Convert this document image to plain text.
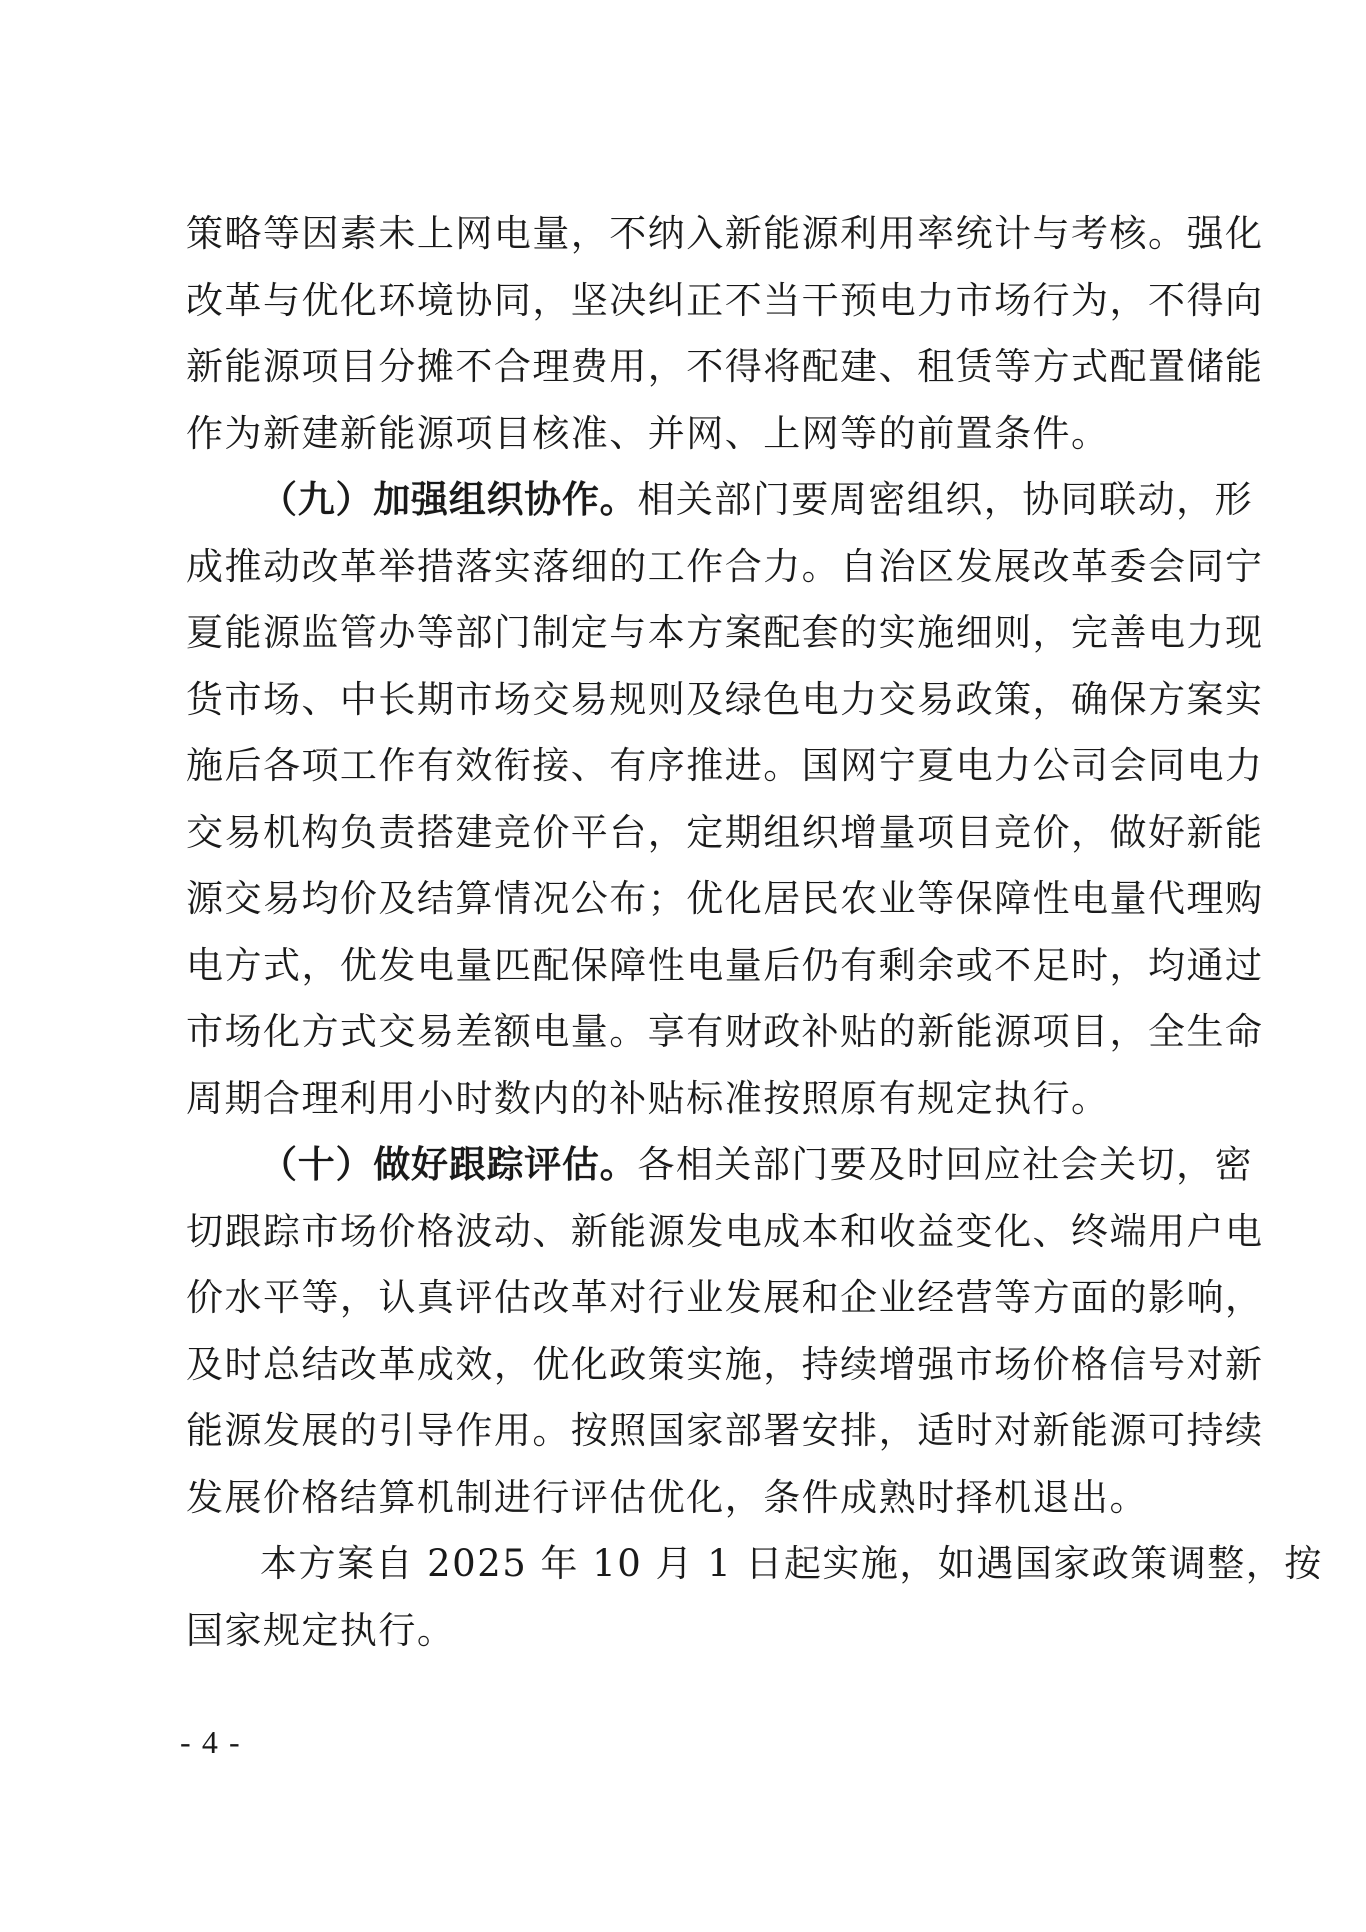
策略等因素未上网电量，不纳入新能源利用率统计与考核。强化
改革与优化环境协同，坚决纠正不当干预电力市场行为，不得向
新能源项目分摊不合理费用，不得将配建、租赁等方式配置储能
作为新建新能源项目核准、并网、上网等的前置条件。
（九）加强组织协作。相关部门要周密组织，协同联动，形
成推动改革举措落实落细的工作合力。自治区发展改革委会同宁
夏能源监管办等部门制定与本方案配套的实施细则，完善电力现
货市场、中长期市场交易规则及绿色电力交易政策，确保方案实
施后各项工作有效衔接、有序推进。国网宁夏电力公司会同电力
交易机构负责搭建竞价平台，定期组织增量项目竞价，做好新能
源交易均价及结算情况公布；优化居民农业等保障性电量代理购
电方式，优发电量匹配保障性电量后仍有剩余或不足时，均通过
市场化方式交易差额电量。享有财政补贴的新能源项目，全生命
周期合理利用小时数内的补贴标准按照原有规定执行。
（十）做好跟踪评估。各相关部门要及时回应社会关切，密
切跟踪市场价格波动、新能源发电成本和收益变化、终端用户电
价水平等，认真评估改革对行业发展和企业经营等方面的影响，
及时总结改革成效，优化政策实施，持续增强市场价格信号对新
能源发展的引导作用。按照国家部署安排，适时对新能源可持续
发展价格结算机制进行评估优化，条件成熟时择机退出。
本方案自 2025 年 10 月 1 日起实施，如遇国家政策调整，按
国家规定执行。
- 4 -
